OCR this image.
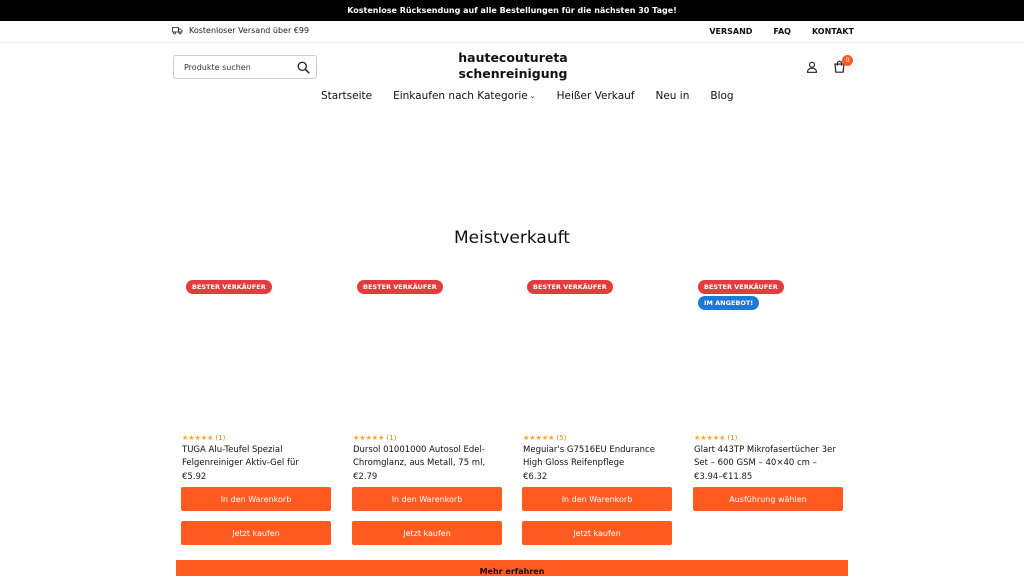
Kostenlose Rücksendung auf alle Bestellungen für die nächsten 30 Tage!
Kostenloser Versand über €99	VERSAND	FAQ	KONTAKT
Produkte suchen
hautecouturetaschenreinigung
0
Startseite Einkaufen nach Kategorie ⌄ Heißer Verkauf Neu in Blog
Meistverkauft
BESTER VERKÄUFER
★★★★★ (1)
TUGA Alu-Teufel Spezial Felgenreiniger Aktiv-Gel für
€5.92
In den Warenkorb
Jetzt kaufen
BESTER VERKÄUFER
★★★★★ (1)
Dursol 01001000 Autosol Edel-Chromglanz, aus Metall, 75 ml,
€2.79
In den Warenkorb
Jetzt kaufen
BESTER VERKÄUFER
★★★★★ (5)
Meguiar's G7516EU Endurance High Gloss Reifenpflege
€6.32
In den Warenkorb
Jetzt kaufen
BESTER VERKÄUFER
IM ANGEBOT!
★★★★★ (1)
Glart 443TP Mikrofasertücher 3er Set – 600 GSM – 40×40 cm –
€3.94–€11.85
Ausführung wählen
Mehr erfahren
